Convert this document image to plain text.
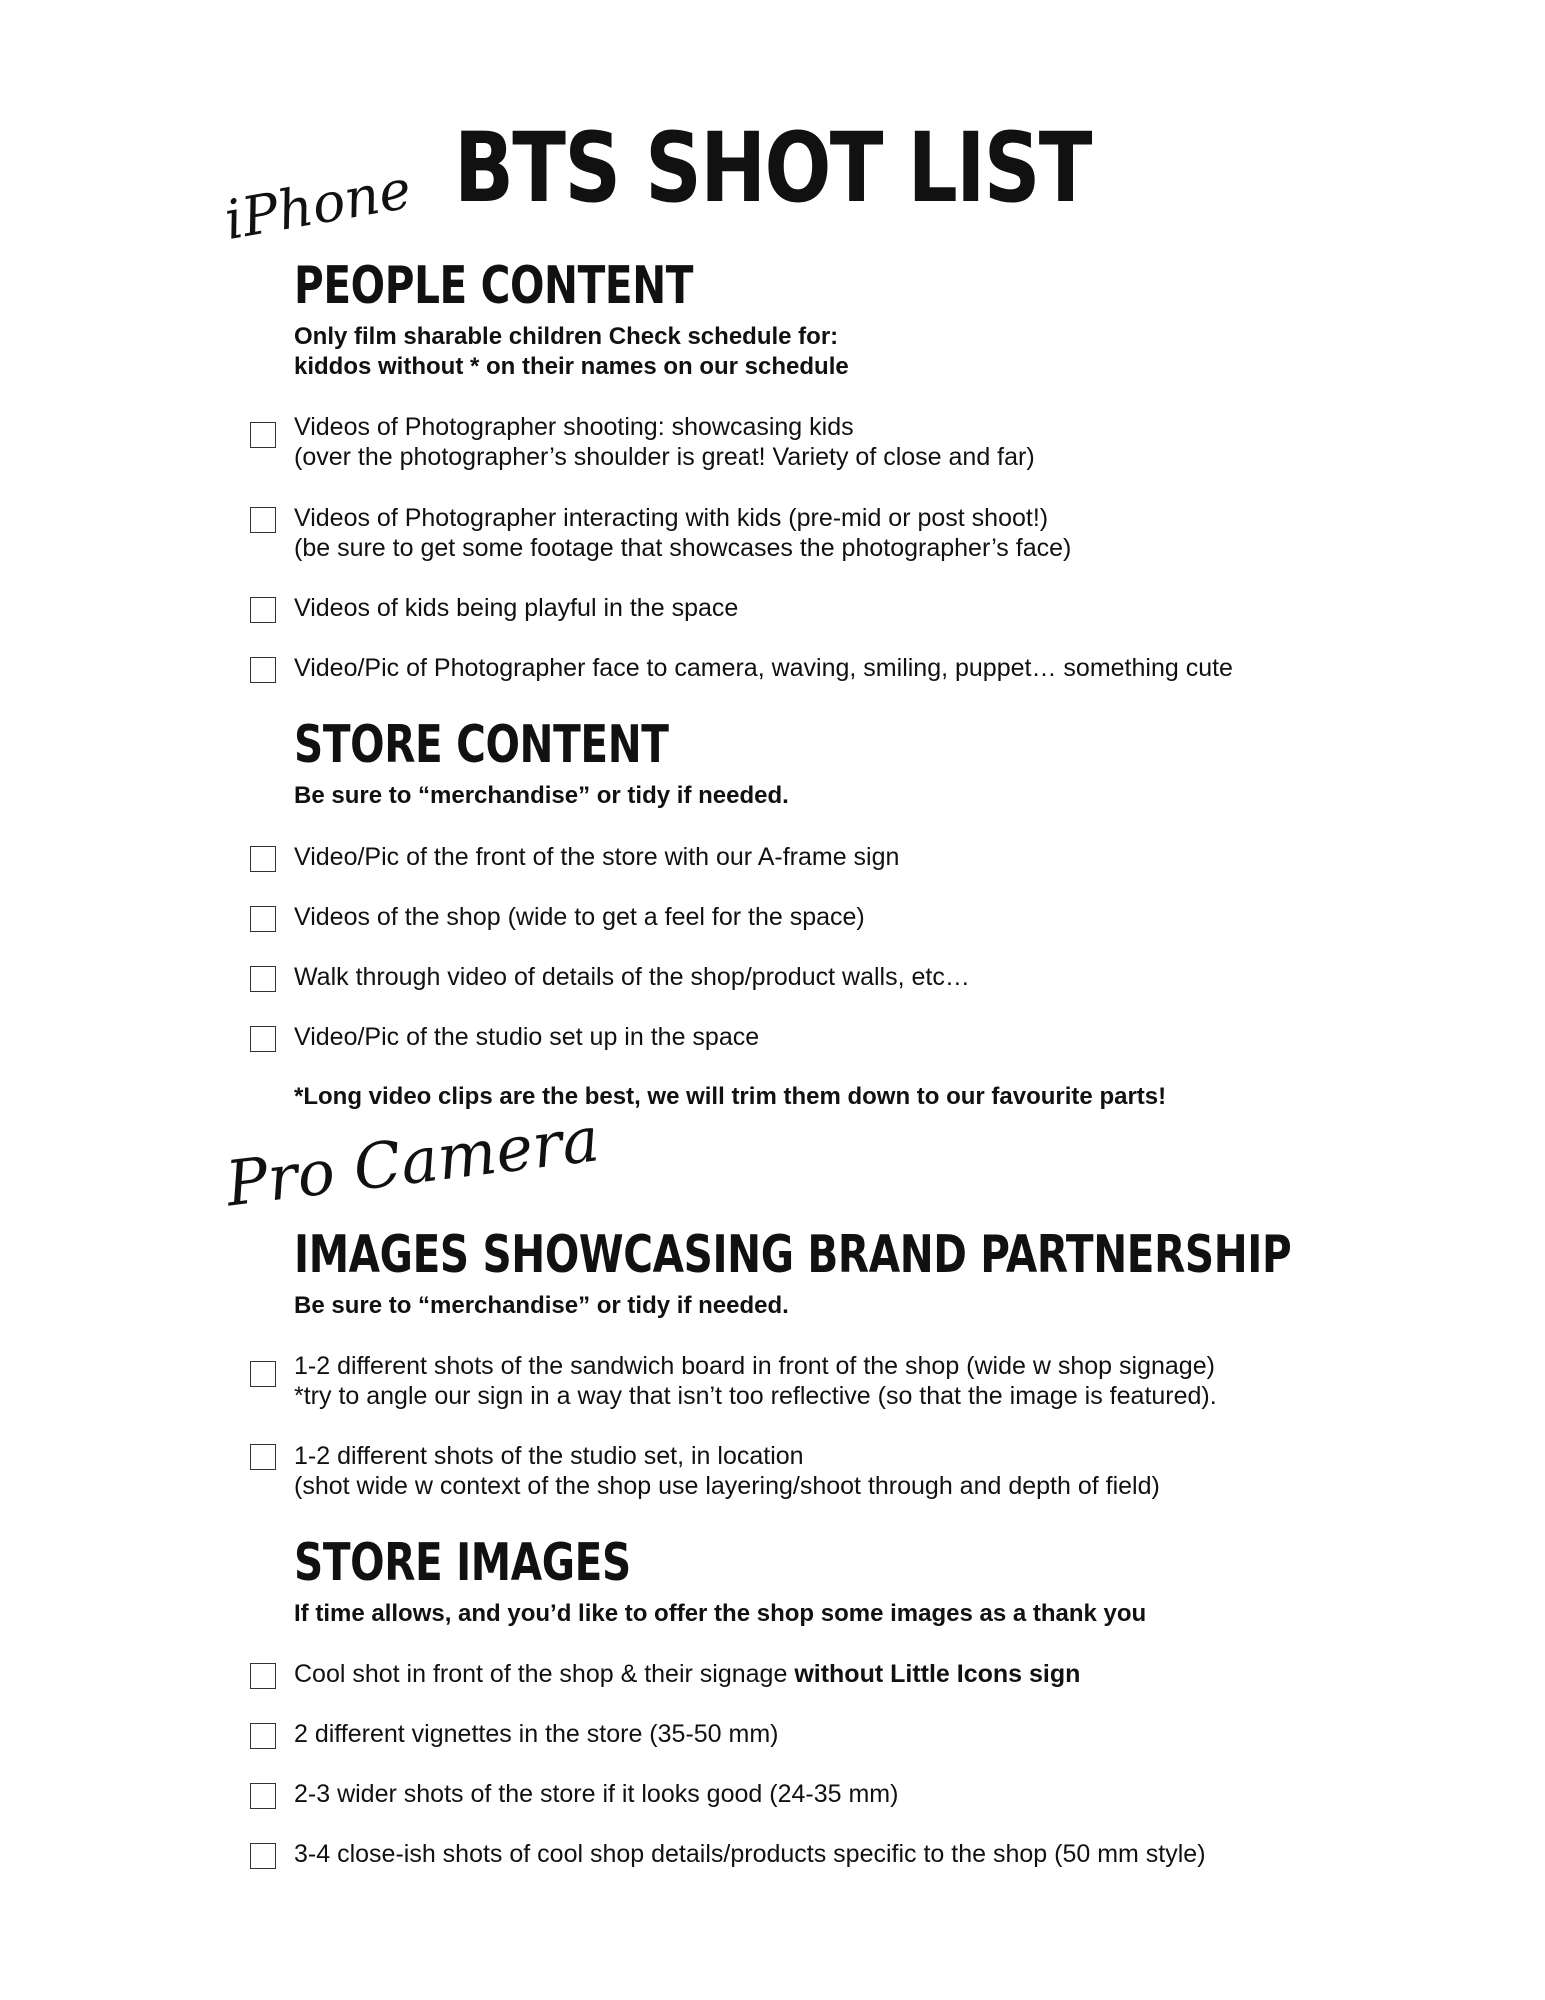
BTS SHOT LIST
iPhone
PEOPLE CONTENT
Only film sharable children Check schedule for:
kiddos without * on their names on our schedule
Videos of Photographer shooting: showcasing kids
(over the photographer’s shoulder is great! Variety of close and far)
Videos of Photographer interacting with kids (pre-mid or post shoot!)
(be sure to get some footage that showcases the photographer’s face)
Videos of kids being playful in the space
Video/Pic of Photographer face to camera, waving, smiling, puppet… something cute
STORE CONTENT
Be sure to “merchandise” or tidy if needed.
Video/Pic of the front of the store with our A-frame sign
Videos of the shop (wide to get a feel for the space)
Walk through video of details of the shop/product walls, etc…
Video/Pic of the studio set up in the space
*Long video clips are the best, we will trim them down to our favourite parts!
Pro Camera
IMAGES SHOWCASING BRAND PARTNERSHIP
Be sure to “merchandise” or tidy if needed.
1-2 different shots of the sandwich board in front of the shop (wide w shop signage)
*try to angle our sign in a way that isn’t too reflective (so that the image is featured).
1-2 different shots of the studio set, in location
(shot wide w context of the shop use layering/shoot through and depth of field)
STORE IMAGES
If time allows, and you’d like to offer the shop some images as a thank you
Cool shot in front of the shop & their signage without Little Icons sign
2 different vignettes in the store (35-50 mm)
2-3 wider shots of the store if it looks good (24-35 mm)
3-4 close-ish shots of cool shop details/products specific to the shop (50 mm style)
